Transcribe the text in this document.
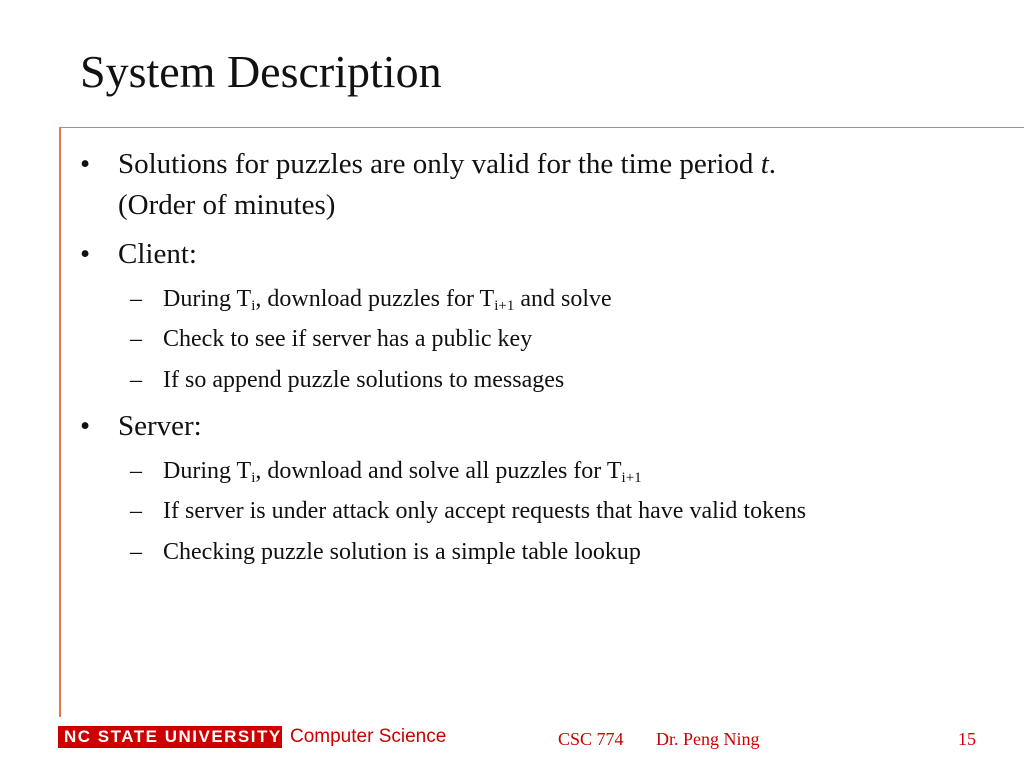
System Description
• Solutions for puzzles are only valid for the time period t.
(Order of minutes)
• Client:
– During $T_i$, download puzzles for $T_{i+1}$ and solve
– Check to see if server has a public key
– If so append puzzle solutions to messages
• Server:
– During $T_i$, download and solve all puzzles for $T_{i+1}$
– If server is under attack only accept requests that have valid tokens
– Checking puzzle solution is a simple table lookup
NC STATE UNIVERSITY Computer Science	CSC 774 Dr. Peng Ning	15
